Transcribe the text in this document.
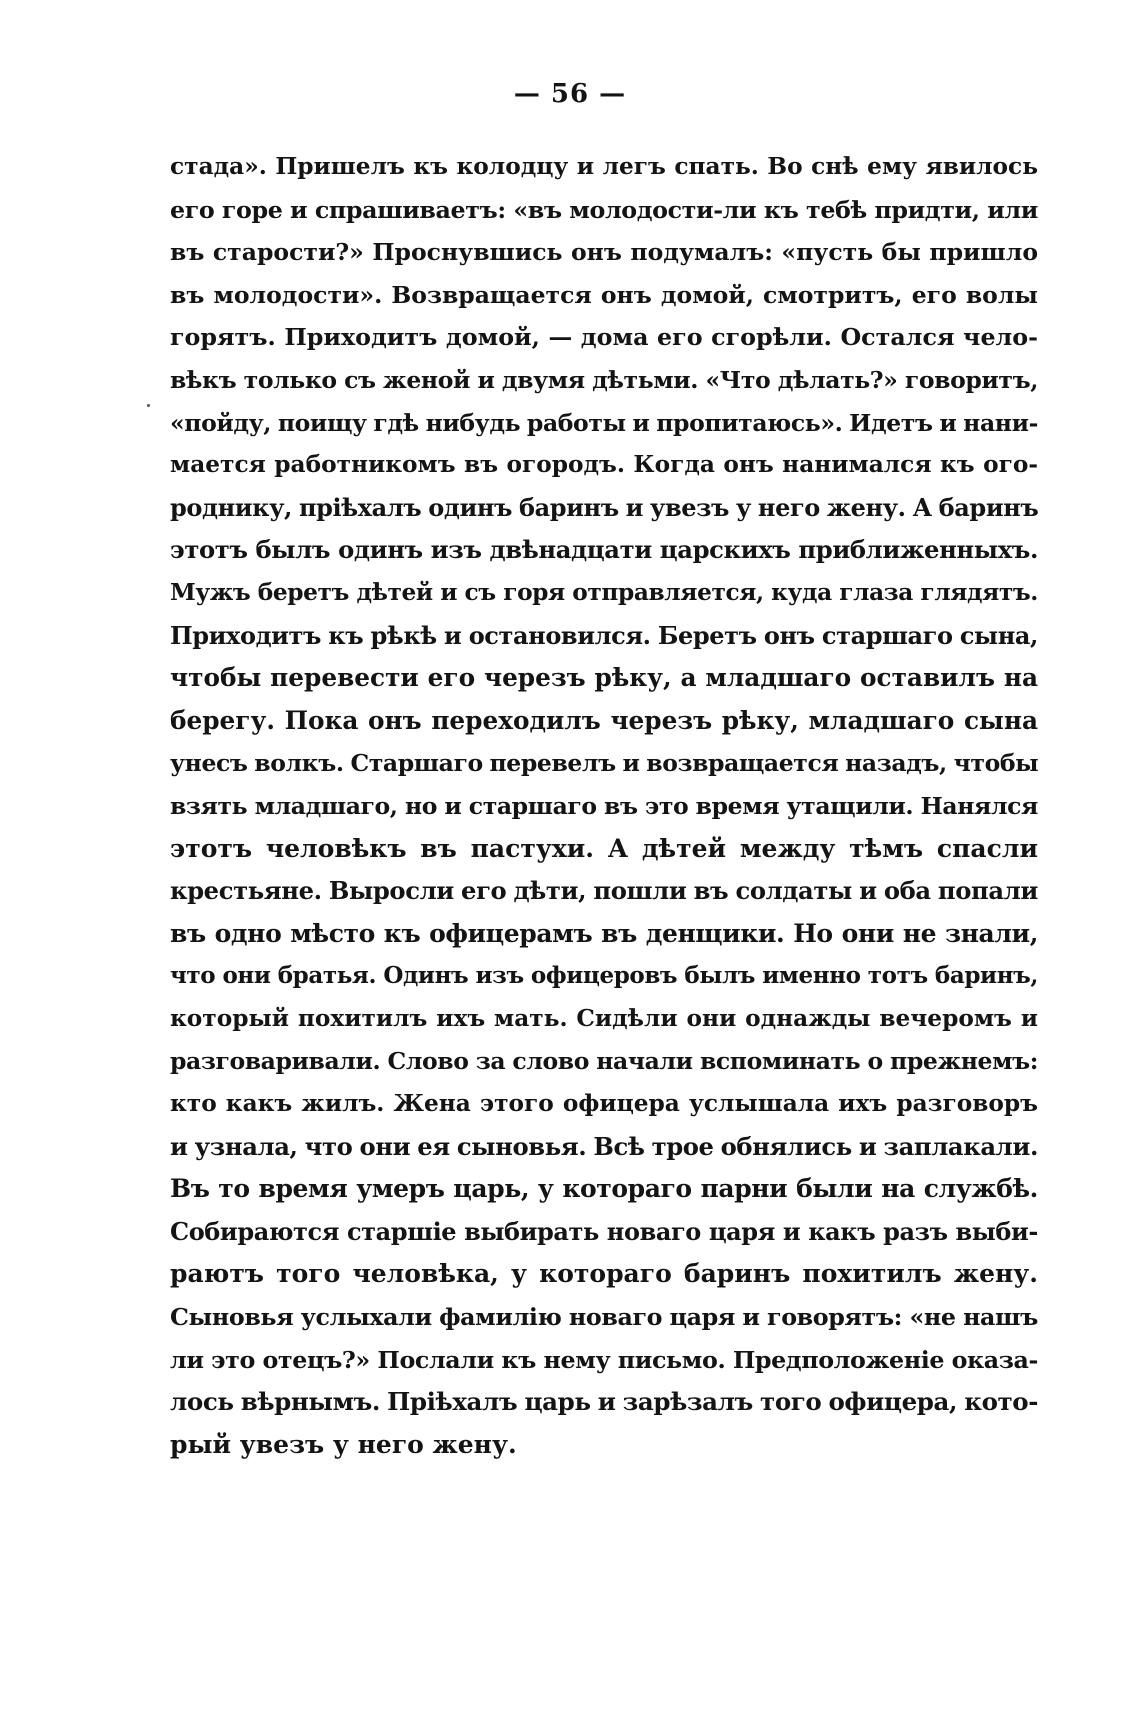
— 56 —
стада». Пришелъ къ колодцу и легъ спать. Во снѣ ему явилось
его горе и спрашиваетъ: «въ молодости-ли къ тебѣ придти, или
въ старости?» Проснувшись онъ подумалъ: «пусть бы пришло
въ молодости». Возвращается онъ домой, смотритъ, его волы
горятъ. Приходитъ домой, — дома его сгорѣли. Остался чело-
вѣкъ только съ женой и двумя дѣтьми. «Что дѣлать?» говоритъ,
«пойду, поищу гдѣ нибудь работы и пропитаюсь». Идетъ и нани-
мается работникомъ въ огородъ. Когда онъ нанимался къ ого-
роднику, пріѣхалъ одинъ баринъ и увезъ у него жену. А баринъ
этотъ былъ одинъ изъ двѣнадцати царскихъ приближенныхъ.
Мужъ беретъ дѣтей и съ горя отправляется, куда глаза глядятъ.
Приходитъ къ рѣкѣ и остановился. Беретъ онъ старшаго сына,
чтобы перевести его черезъ рѣку, а младшаго оставилъ на
берегу. Пока онъ переходилъ черезъ рѣку, младшаго сына
унесъ волкъ. Старшаго перевелъ и возвращается назадъ, чтобы
взять младшаго, но и старшаго въ это время утащили. Нанялся
этотъ человѣкъ въ пастухи. А дѣтей между тѣмъ спасли
крестьяне. Выросли его дѣти, пошли въ солдаты и оба попали
въ одно мѣсто къ офицерамъ въ денщики. Но они не знали,
что они братья. Одинъ изъ офицеровъ былъ именно тотъ баринъ,
который похитилъ ихъ мать. Сидѣли они однажды вечеромъ и
разговаривали. Слово за слово начали вспоминать о прежнемъ:
кто какъ жилъ. Жена этого офицера услышала ихъ разговоръ
и узнала, что они ея сыновья. Всѣ трое обнялись и заплакали.
Въ то время умеръ царь, у котораго парни были на службѣ.
Собираются старшіе выбирать новаго царя и какъ разъ выби-
раютъ того человѣка, у котораго баринъ похитилъ жену.
Сыновья услыхали фамилію новаго царя и говорятъ: «не нашъ
ли это отецъ?» Послали къ нему письмо. Предположеніе оказа-
лось вѣрнымъ. Пріѣхалъ царь и зарѣзалъ того офицера, кото-
рый увезъ у него жену.
